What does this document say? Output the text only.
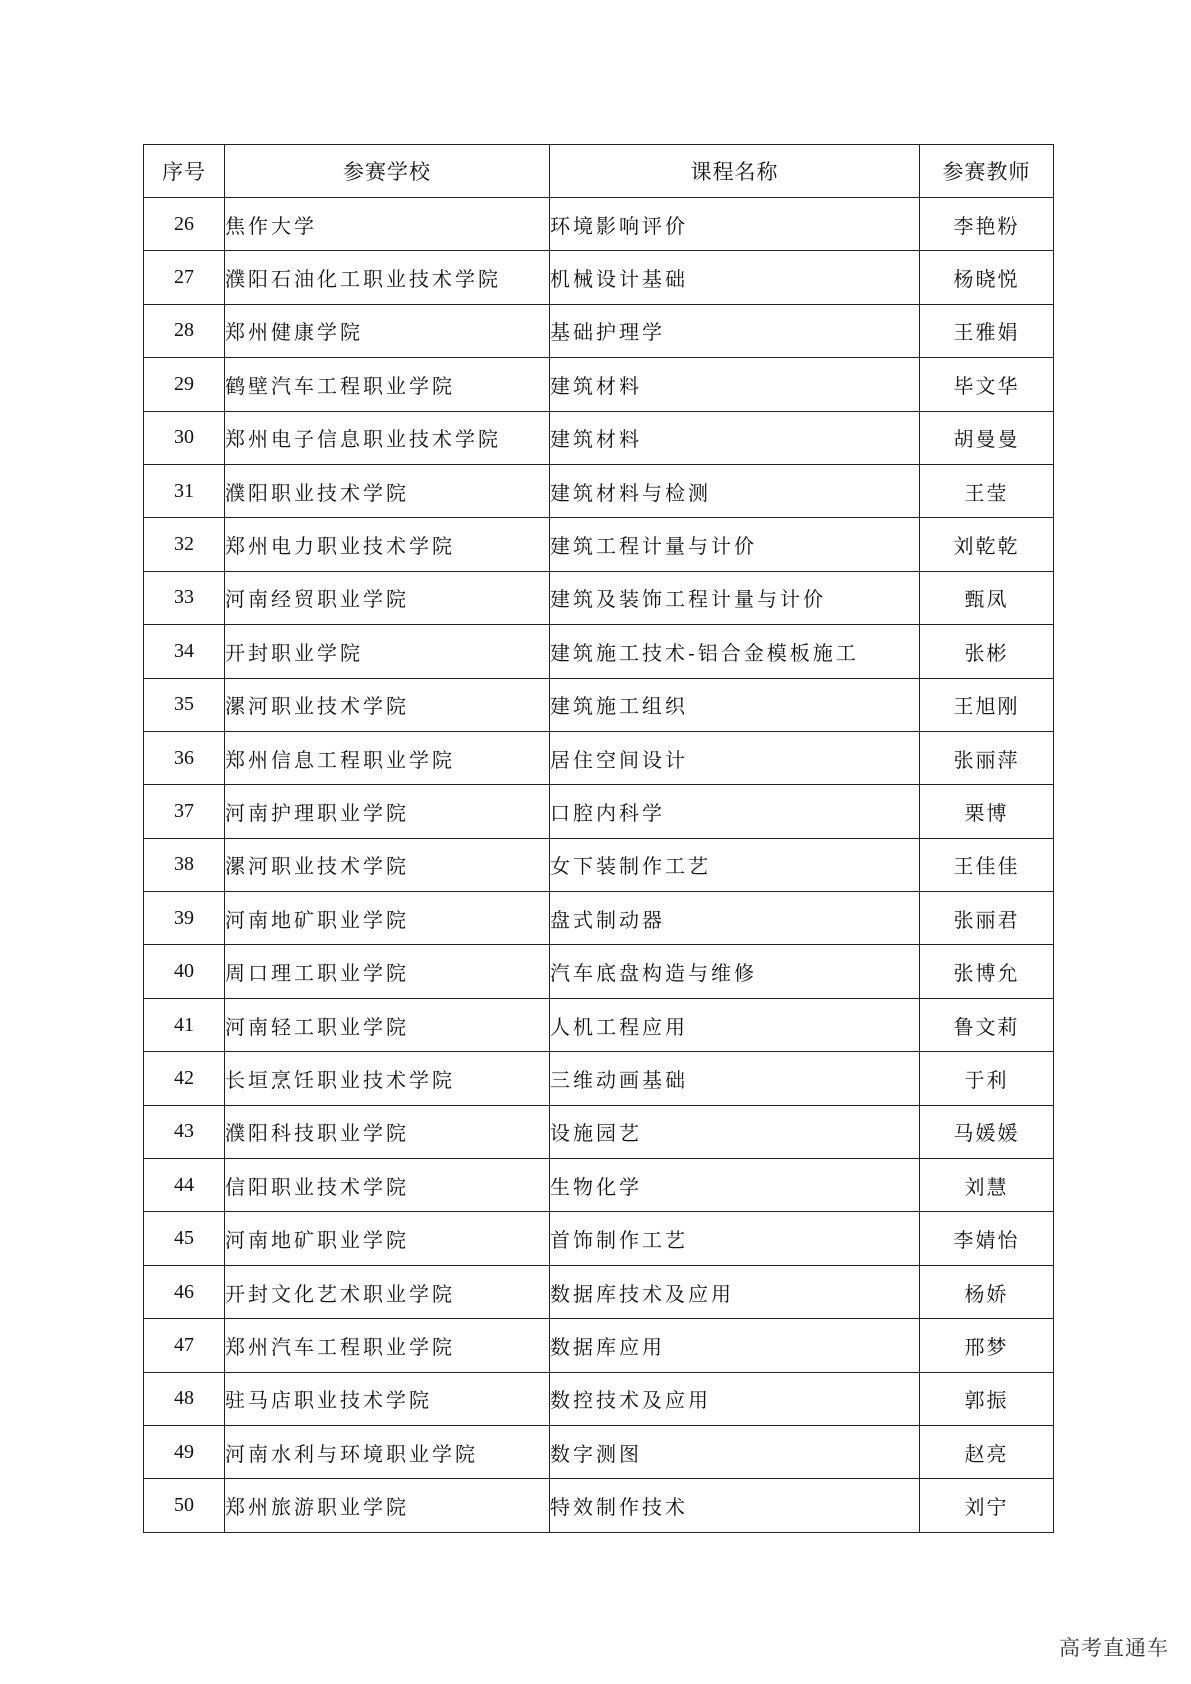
序号	参赛学校	课程名称	参赛教师
26	焦作大学	环境影响评价	李艳粉
27	濮阳石油化工职业技术学院	机械设计基础	杨晓悦
28	郑州健康学院	基础护理学	王雅娟
29	鹤壁汽车工程职业学院	建筑材料	毕文华
30	郑州电子信息职业技术学院	建筑材料	胡曼曼
31	濮阳职业技术学院	建筑材料与检测	王莹
32	郑州电力职业技术学院	建筑工程计量与计价	刘乾乾
33	河南经贸职业学院	建筑及装饰工程计量与计价	甄凤
34	开封职业学院	建筑施工技术-铝合金模板施工	张彬
35	漯河职业技术学院	建筑施工组织	王旭刚
36	郑州信息工程职业学院	居住空间设计	张丽萍
37	河南护理职业学院	口腔内科学	栗博
38	漯河职业技术学院	女下装制作工艺	王佳佳
39	河南地矿职业学院	盘式制动器	张丽君
40	周口理工职业学院	汽车底盘构造与维修	张博允
41	河南轻工职业学院	人机工程应用	鲁文莉
42	长垣烹饪职业技术学院	三维动画基础	于利
43	濮阳科技职业学院	设施园艺	马媛媛
44	信阳职业技术学院	生物化学	刘慧
45	河南地矿职业学院	首饰制作工艺	李婧怡
46	开封文化艺术职业学院	数据库技术及应用	杨娇
47	郑州汽车工程职业学院	数据库应用	邢梦
48	驻马店职业技术学院	数控技术及应用	郭振
49	河南水利与环境职业学院	数字测图	赵亮
50	郑州旅游职业学院	特效制作技术	刘宁
高考直通车
